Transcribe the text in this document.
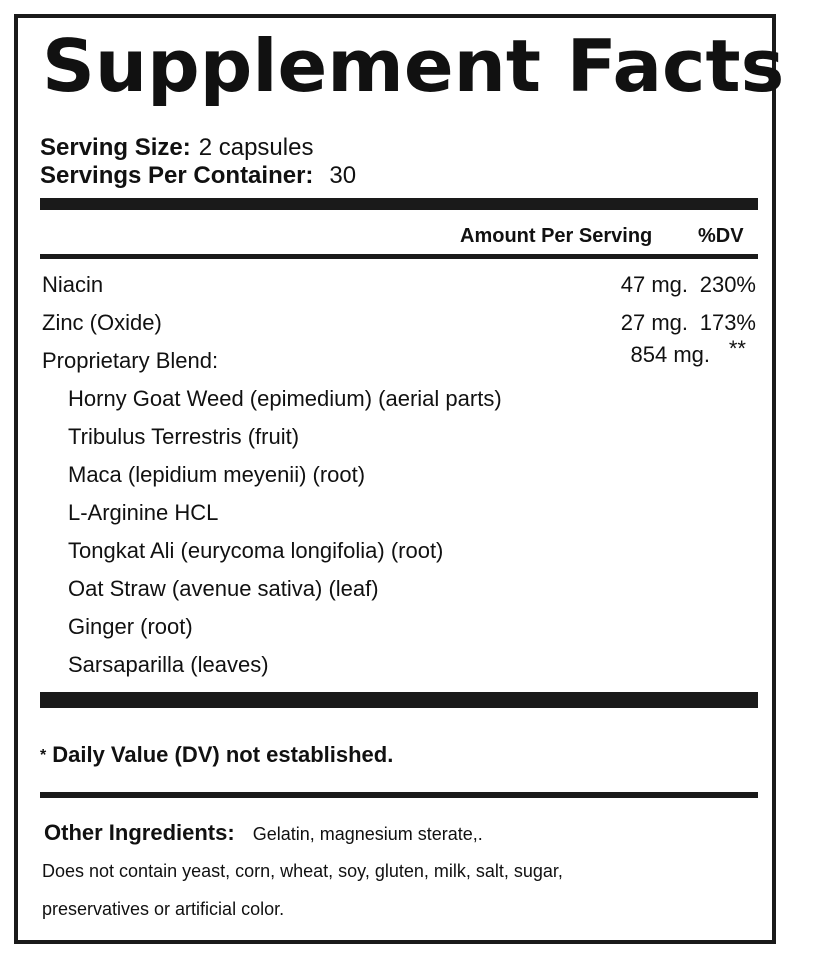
Supplement Facts
Serving Size: 2 capsules
Servings Per Container: 30
Amount Per Serving %DV
Niacin	47 mg. 230%
Zinc (Oxide)	27 mg. 173%
Proprietary Blend:	854 mg. **
Horny Goat Weed (epimedium) (aerial parts)
Tribulus Terrestris (fruit)
Maca (lepidium meyenii) (root)
L-Arginine HCL
Tongkat Ali (eurycoma longifolia) (root)
Oat Straw (avenue sativa) (leaf)
Ginger (root)
Sarsaparilla (leaves)
* Daily Value (DV) not established.
Other Ingredients: Gelatin, magnesium sterate,.
Does not contain yeast, corn, wheat, soy, gluten, milk, salt, sugar,
preservatives or artificial color.
